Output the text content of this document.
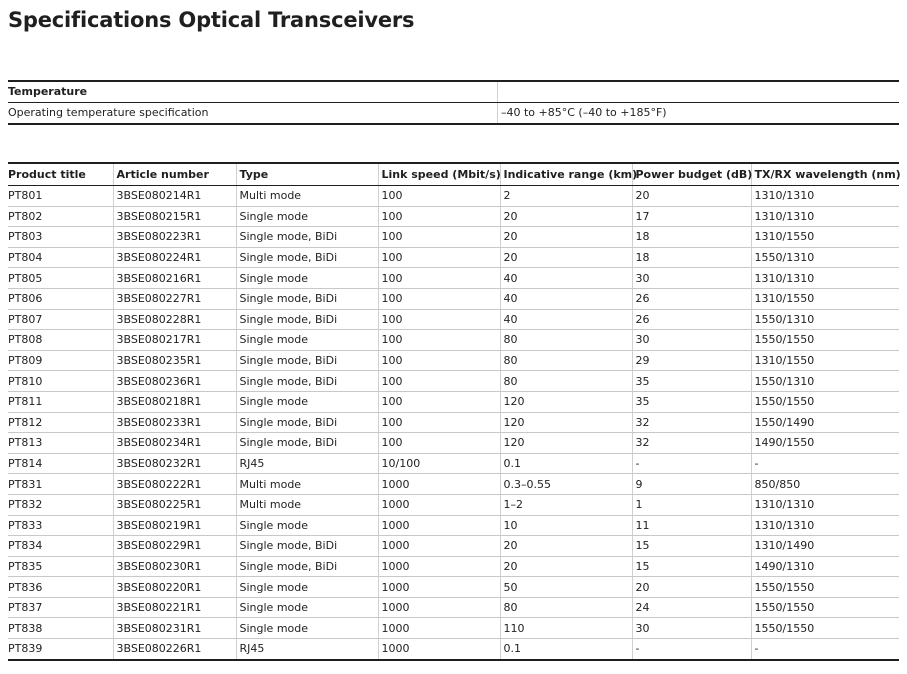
Specifications Optical Transceivers
Temperature
Operating temperature specification	–40 to +85°C (–40 to +185°F)
Product title	Article number	Type	Link speed (Mbit/s)	Indicative range (km)	Power budget (dB)	TX/RX wavelength (nm)
PT801	3BSE080214R1	Multi mode	100	2	20	1310/1310
PT802	3BSE080215R1	Single mode	100	20	17	1310/1310
PT803	3BSE080223R1	Single mode, BiDi	100	20	18	1310/1550
PT804	3BSE080224R1	Single mode, BiDi	100	20	18	1550/1310
PT805	3BSE080216R1	Single mode	100	40	30	1310/1310
PT806	3BSE080227R1	Single mode, BiDi	100	40	26	1310/1550
PT807	3BSE080228R1	Single mode, BiDi	100	40	26	1550/1310
PT808	3BSE080217R1	Single mode	100	80	30	1550/1550
PT809	3BSE080235R1	Single mode, BiDi	100	80	29	1310/1550
PT810	3BSE080236R1	Single mode, BiDi	100	80	35	1550/1310
PT811	3BSE080218R1	Single mode	100	120	35	1550/1550
PT812	3BSE080233R1	Single mode, BiDi	100	120	32	1550/1490
PT813	3BSE080234R1	Single mode, BiDi	100	120	32	1490/1550
PT814	3BSE080232R1	RJ45	10/100	0.1	-	-
PT831	3BSE080222R1	Multi mode	1000	0.3–0.55	9	850/850
PT832	3BSE080225R1	Multi mode	1000	1–2	1	1310/1310
PT833	3BSE080219R1	Single mode	1000	10	11	1310/1310
PT834	3BSE080229R1	Single mode, BiDi	1000	20	15	1310/1490
PT835	3BSE080230R1	Single mode, BiDi	1000	20	15	1490/1310
PT836	3BSE080220R1	Single mode	1000	50	20	1550/1550
PT837	3BSE080221R1	Single mode	1000	80	24	1550/1550
PT838	3BSE080231R1	Single mode	1000	110	30	1550/1550
PT839	3BSE080226R1	RJ45	1000	0.1	-	-
